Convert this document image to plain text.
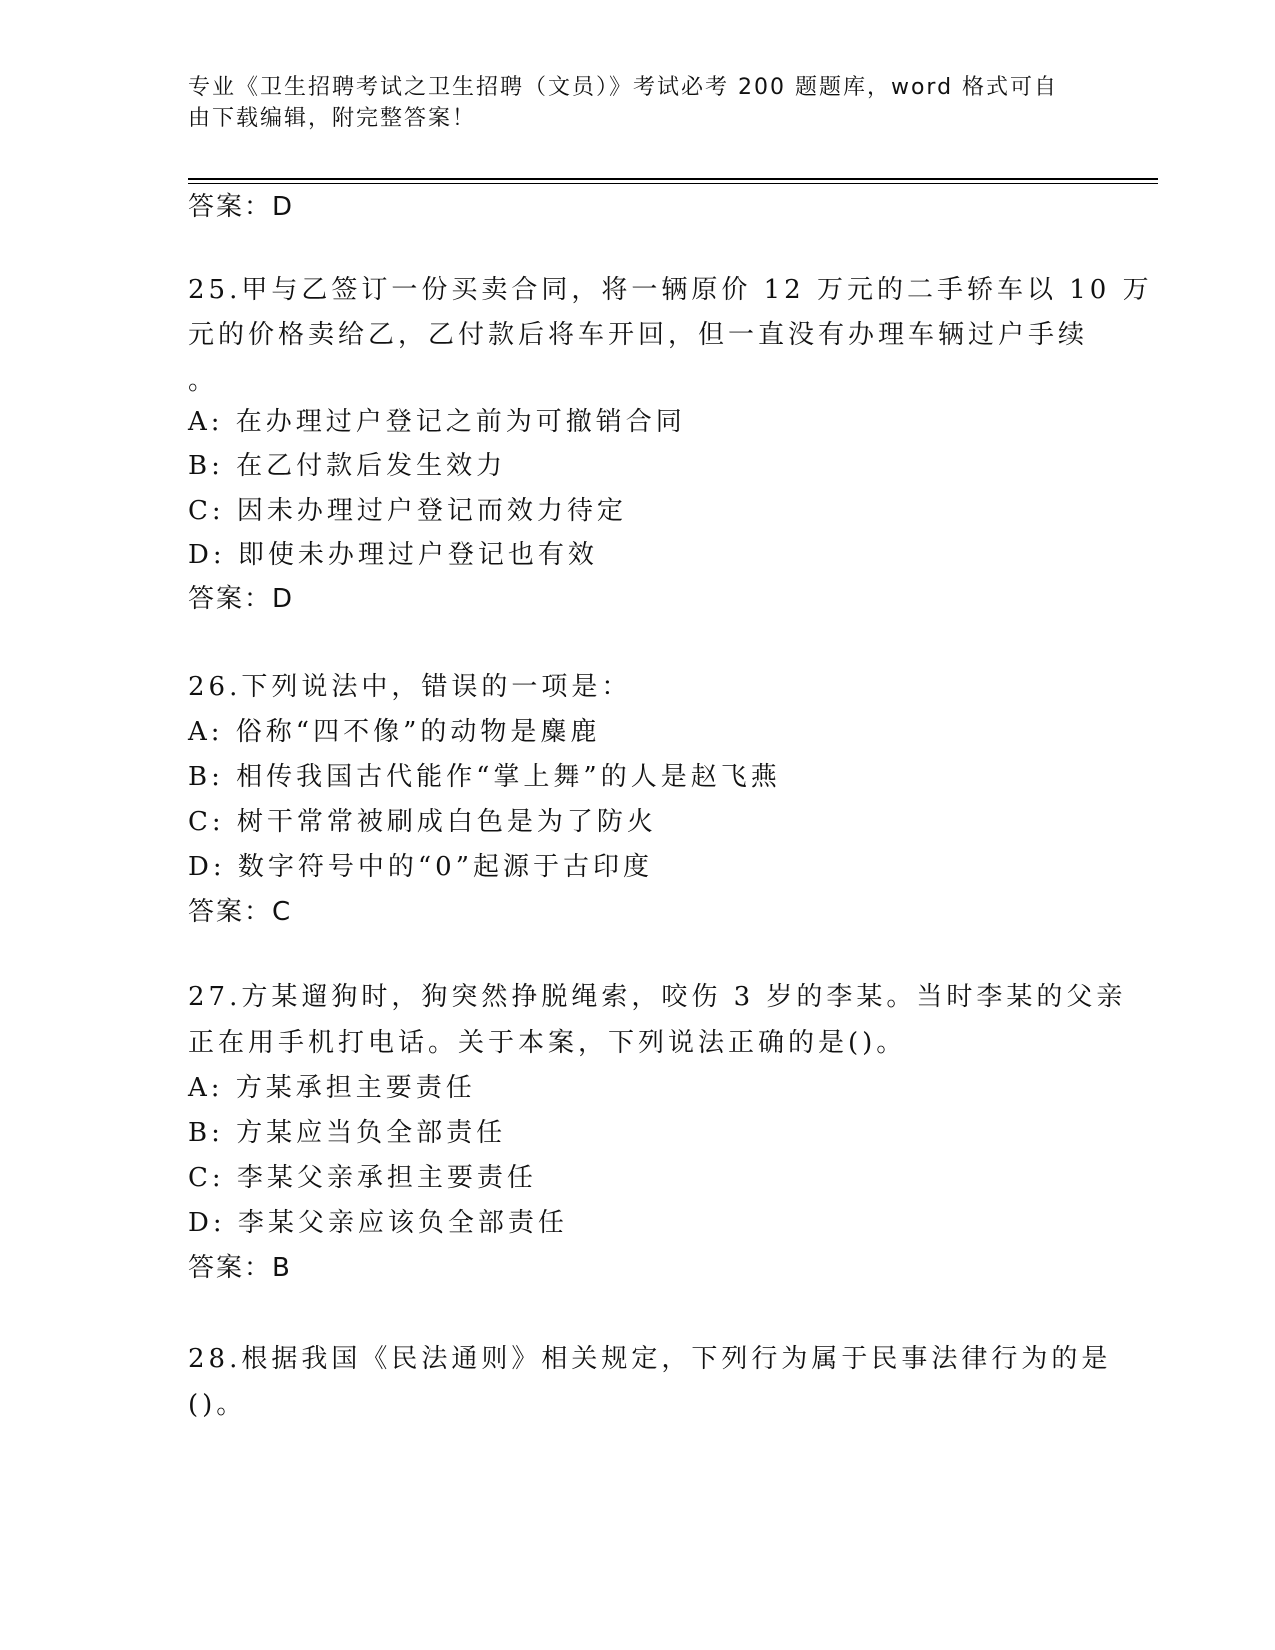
专业《卫生招聘考试之卫生招聘（文员）》考试必考 200 题题库，word 格式可自
由下载编辑，附完整答案！
答案：D
25.甲与乙签订一份买卖合同，将一辆原价 12 万元的二手轿车以 10 万
元的价格卖给乙，乙付款后将车开回，但一直没有办理车辆过户手续
。
A: 在办理过户登记之前为可撤销合同
B: 在乙付款后发生效力
C: 因未办理过户登记而效力待定
D: 即使未办理过户登记也有效
答案：D
26.下列说法中，错误的一项是：
A: 俗称“四不像”的动物是麋鹿
B: 相传我国古代能作“掌上舞”的人是赵飞燕
C: 树干常常被刷成白色是为了防火
D: 数字符号中的“0”起源于古印度
答案：C
27.方某遛狗时，狗突然挣脱绳索，咬伤 3 岁的李某。当时李某的父亲
正在用手机打电话。关于本案，下列说法正确的是()。
A: 方某承担主要责任
B: 方某应当负全部责任
C: 李某父亲承担主要责任
D: 李某父亲应该负全部责任
答案：B
28.根据我国《民法通则》相关规定，下列行为属于民事法律行为的是
()。
